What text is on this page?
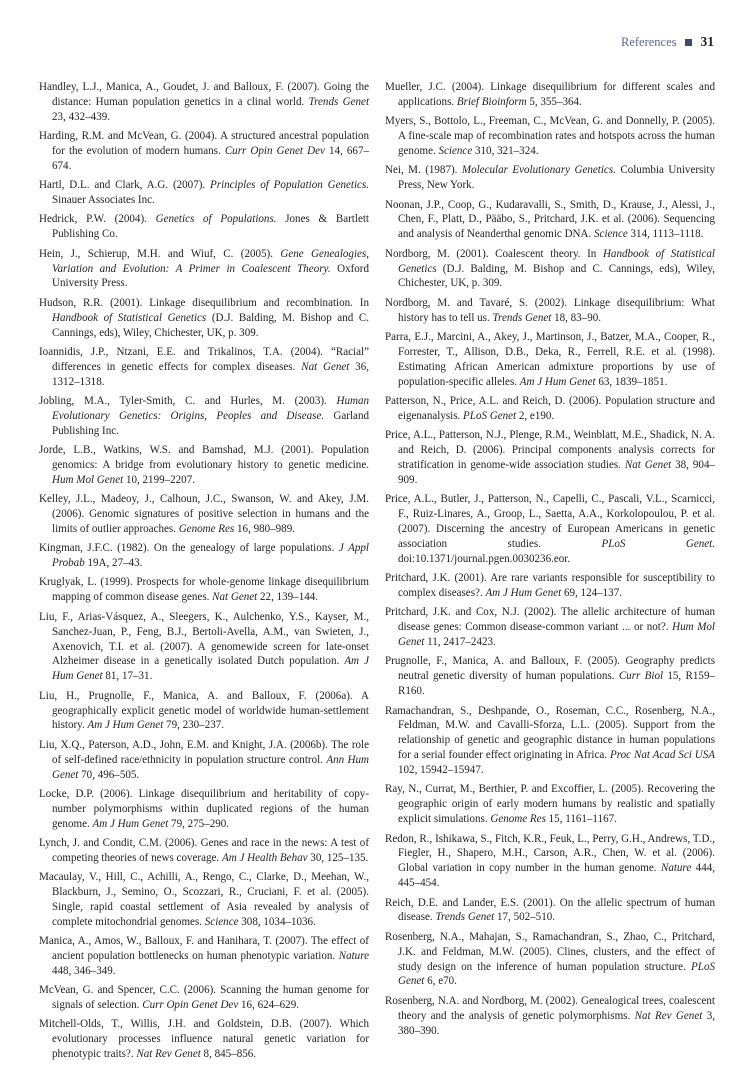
References 31

Handley, L.J., Manica, A., Goudet, J. and Balloux, F. (2007). Going the distance: Human population genetics in a clinal world. Trends Genet 23, 432–439.

Harding, R.M. and McVean, G. (2004). A structured ancestral population for the evolution of modern humans. Curr Opin Genet Dev 14, 667–674.

Hartl, D.L. and Clark, A.G. (2007). Principles of Population Genetics. Sinauer Associates Inc.

Hedrick, P.W. (2004). Genetics of Populations. Jones & Bartlett Publishing Co.

Hein, J., Schierup, M.H. and Wiuf, C. (2005). Gene Genealogies, Variation and Evolution: A Primer in Coalescent Theory. Oxford University Press.

Hudson, R.R. (2001). Linkage disequilibrium and recombination. In Handbook of Statistical Genetics (D.J. Balding, M. Bishop and C. Cannings, eds), Wiley, Chichester, UK, p. 309.

Ioannidis, J.P., Ntzani, E.E. and Trikalinos, T.A. (2004). “Racial” differences in genetic effects for complex diseases. Nat Genet 36, 1312–1318.

Jobling, M.A., Tyler-Smith, C. and Hurles, M. (2003). Human Evolutionary Genetics: Origins, Peoples and Disease. Garland Publishing Inc.

Jorde, L.B., Watkins, W.S. and Bamshad, M.J. (2001). Population genomics: A bridge from evolutionary history to genetic medicine. Hum Mol Genet 10, 2199–2207.

Kelley, J.L., Madeoy, J., Calhoun, J.C., Swanson, W. and Akey, J.M. (2006). Genomic signatures of positive selection in humans and the limits of outlier approaches. Genome Res 16, 980–989.

Kingman, J.F.C. (1982). On the genealogy of large populations. J Appl Probab 19A, 27–43.

Kruglyak, L. (1999). Prospects for whole-genome linkage disequilibrium mapping of common disease genes. Nat Genet 22, 139–144.

Liu, F., Arias-Vásquez, A., Sleegers, K., Aulchenko, Y.S., Kayser, M., Sanchez-Juan, P., Feng, B.J., Bertoli-Avella, A.M., van Swieten, J., Axenovich, T.I. et al. (2007). A genomewide screen for late-onset Alzheimer disease in a genetically isolated Dutch population. Am J Hum Genet 81, 17–31.

Liu, H., Prugnolle, F., Manica, A. and Balloux, F. (2006a). A geographically explicit genetic model of worldwide human-settlement history. Am J Hum Genet 79, 230–237.

Liu, X.Q., Paterson, A.D., John, E.M. and Knight, J.A. (2006b). The role of self-defined race/ethnicity in population structure control. Ann Hum Genet 70, 496–505.

Locke, D.P. (2006). Linkage disequilibrium and heritability of copy-number polymorphisms within duplicated regions of the human genome. Am J Hum Genet 79, 275–290.

Lynch, J. and Condit, C.M. (2006). Genes and race in the news: A test of competing theories of news coverage. Am J Health Behav 30, 125–135.

Macaulay, V., Hill, C., Achilli, A., Rengo, C., Clarke, D., Meehan, W., Blackburn, J., Semino, O., Scozzari, R., Cruciani, F. et al. (2005). Single, rapid coastal settlement of Asia revealed by analysis of complete mitochondrial genomes. Science 308, 1034–1036.

Manica, A., Amos, W., Balloux, F. and Hanihara, T. (2007). The effect of ancient population bottlenecks on human phenotypic variation. Nature 448, 346–349.

McVean, G. and Spencer, C.C. (2006). Scanning the human genome for signals of selection. Curr Opin Genet Dev 16, 624–629.

Mitchell-Olds, T., Willis, J.H. and Goldstein, D.B. (2007). Which evolutionary processes influence natural genetic variation for phenotypic traits?. Nat Rev Genet 8, 845–856.

Mueller, J.C. (2004). Linkage disequilibrium for different scales and applications. Brief Bioinform 5, 355–364.

Myers, S., Bottolo, L., Freeman, C., McVean, G. and Donnelly, P. (2005). A fine-scale map of recombination rates and hotspots across the human genome. Science 310, 321–324.

Nei, M. (1987). Molecular Evolutionary Genetics. Columbia University Press, New York.

Noonan, J.P., Coop, G., Kudaravalli, S., Smith, D., Krause, J., Alessi, J., Chen, F., Platt, D., Pääbo, S., Pritchard, J.K. et al. (2006). Sequencing and analysis of Neanderthal genomic DNA. Science 314, 1113–1118.

Nordborg, M. (2001). Coalescent theory. In Handbook of Statistical Genetics (D.J. Balding, M. Bishop and C. Cannings, eds), Wiley, Chichester, UK, p. 309.

Nordborg, M. and Tavaré, S. (2002). Linkage disequilibrium: What history has to tell us. Trends Genet 18, 83–90.

Parra, E.J., Marcini, A., Akey, J., Martinson, J., Batzer, M.A., Cooper, R., Forrester, T., Allison, D.B., Deka, R., Ferrell, R.E. et al. (1998). Estimating African American admixture proportions by use of population-specific alleles. Am J Hum Genet 63, 1839–1851.

Patterson, N., Price, A.L. and Reich, D. (2006). Population structure and eigenanalysis. PLoS Genet 2, e190.

Price, A.L., Patterson, N.J., Plenge, R.M., Weinblatt, M.E., Shadick, N. A. and Reich, D. (2006). Principal components analysis corrects for stratification in genome-wide association studies. Nat Genet 38, 904–909.

Price, A.L., Butler, J., Patterson, N., Capelli, C., Pascali, V.L., Scarnicci, F., Ruiz-Linares, A., Groop, L., Saetta, A.A., Korkolopoulou, P. et al. (2007). Discerning the ancestry of European Americans in genetic association studies. PLoS Genet. doi:10.1371/journal.pgen.0030236.eor.

Pritchard, J.K. (2001). Are rare variants responsible for susceptibility to complex diseases?. Am J Hum Genet 69, 124–137.

Pritchard, J.K. and Cox, N.J. (2002). The allelic architecture of human disease genes: Common disease-common variant ... or not?. Hum Mol Genet 11, 2417–2423.

Prugnolle, F., Manica, A. and Balloux, F. (2005). Geography predicts neutral genetic diversity of human populations. Curr Biol 15, R159–R160.

Ramachandran, S., Deshpande, O., Roseman, C.C., Rosenberg, N.A., Feldman, M.W. and Cavalli-Sforza, L.L. (2005). Support from the relationship of genetic and geographic distance in human populations for a serial founder effect originating in Africa. Proc Nat Acad Sci USA 102, 15942–15947.

Ray, N., Currat, M., Berthier, P. and Excoffier, L. (2005). Recovering the geographic origin of early modern humans by realistic and spatially explicit simulations. Genome Res 15, 1161–1167.

Redon, R., Ishikawa, S., Fitch, K.R., Feuk, L., Perry, G.H., Andrews, T.D., Fiegler, H., Shapero, M.H., Carson, A.R., Chen, W. et al. (2006). Global variation in copy number in the human genome. Nature 444, 445–454.

Reich, D.E. and Lander, E.S. (2001). On the allelic spectrum of human disease. Trends Genet 17, 502–510.

Rosenberg, N.A., Mahajan, S., Ramachandran, S., Zhao, C., Pritchard, J.K. and Feldman, M.W. (2005). Clines, clusters, and the effect of study design on the inference of human population structure. PLoS Genet 6, e70.

Rosenberg, N.A. and Nordborg, M. (2002). Genealogical trees, coalescent theory and the analysis of genetic polymorphisms. Nat Rev Genet 3, 380–390.
